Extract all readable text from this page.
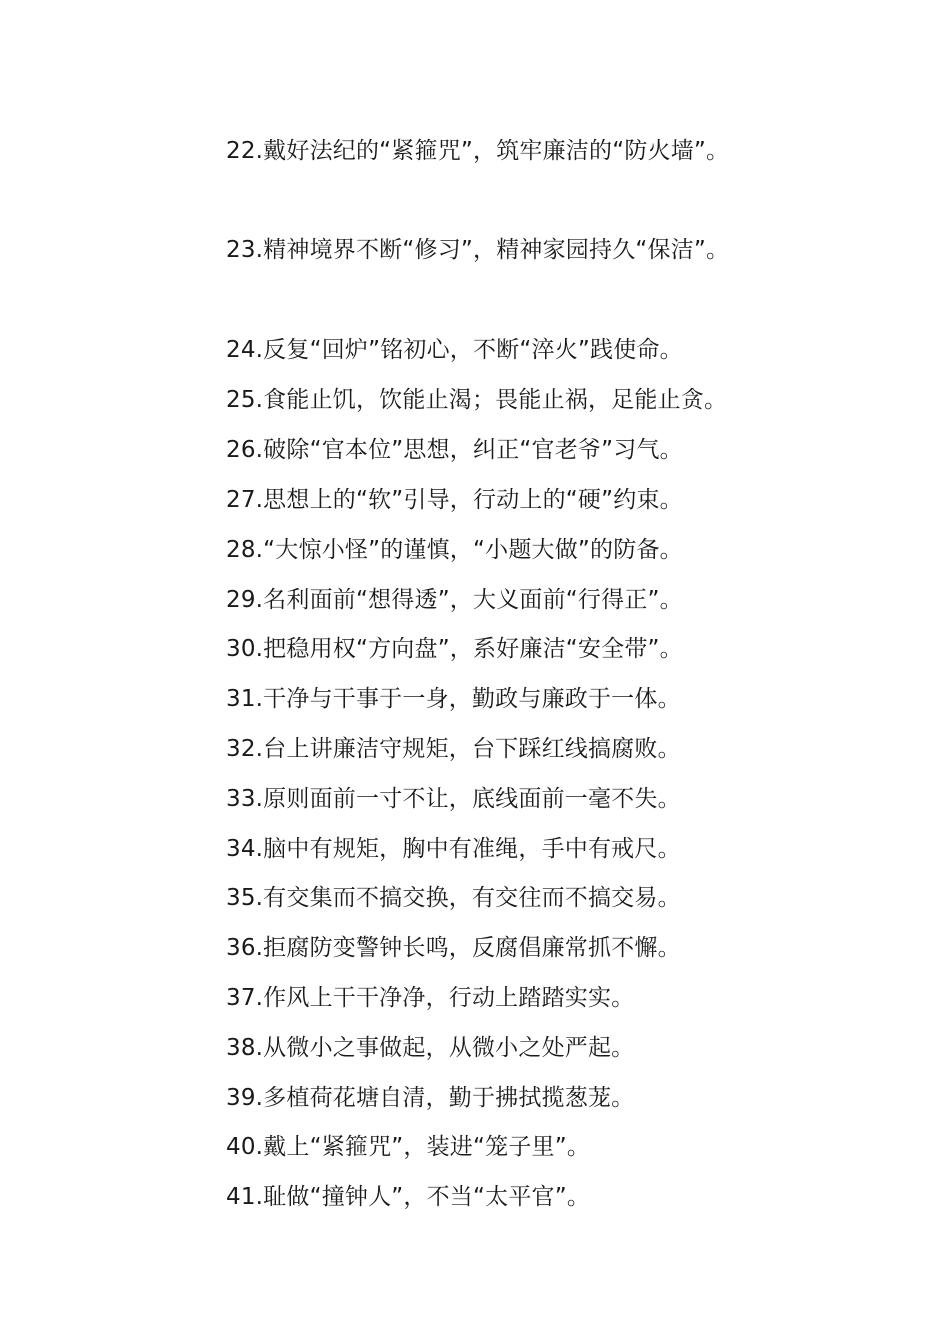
22.戴好法纪的“紧箍咒”，筑牢廉洁的“防火墙”。
23.精神境界不断“修习”，精神家园持久“保洁”。
24.反复“回炉”铭初心，不断“淬火”践使命。
25.食能止饥，饮能止渴；畏能止祸，足能止贪。
26.破除“官本位”思想，纠正“官老爷”习气。
27.思想上的“软”引导，行动上的“硬”约束。
28.“大惊小怪”的谨慎，“小题大做”的防备。
29.名利面前“想得透”，大义面前“行得正”。
30.把稳用权“方向盘”，系好廉洁“安全带”。
31.干净与干事于一身，勤政与廉政于一体。
32.台上讲廉洁守规矩，台下踩红线搞腐败。
33.原则面前一寸不让，底线面前一毫不失。
34.脑中有规矩，胸中有准绳，手中有戒尺。
35.有交集而不搞交换，有交往而不搞交易。
36.拒腐防变警钟长鸣，反腐倡廉常抓不懈。
37.作风上干干净净，行动上踏踏实实。
38.从微小之事做起，从微小之处严起。
39.多植荷花塘自清，勤于拂拭揽葱茏。
40.戴上“紧箍咒”，装进“笼子里”。
41.耻做“撞钟人”，不当“太平官”。
